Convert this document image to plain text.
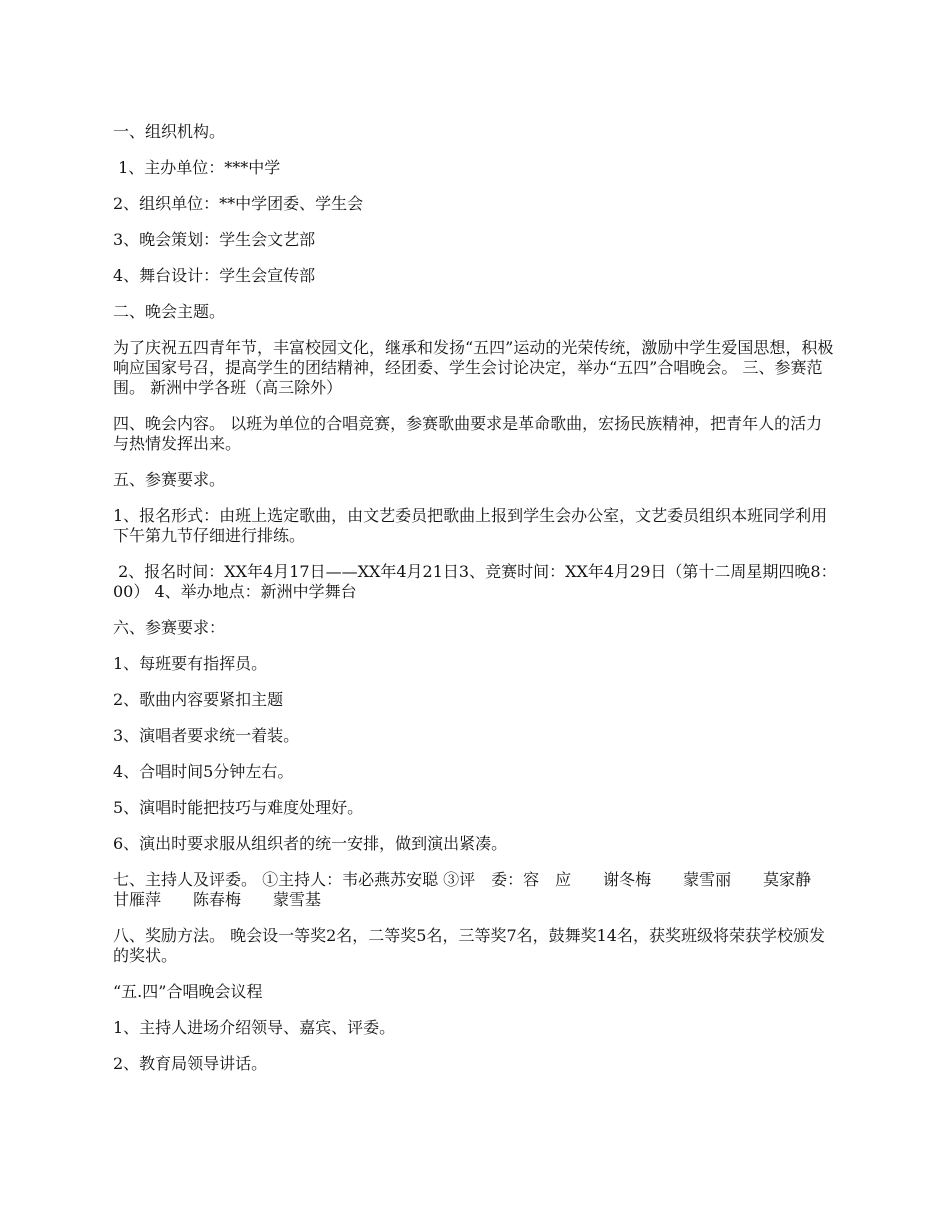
一、组织机构。

1、主办单位：***中学

2、组织单位：**中学团委、学生会

3、晚会策划：学生会文艺部

4、舞台设计：学生会宣传部

二、晚会主题。

为了庆祝五四青年节，丰富校园文化，继承和发扬“五四”运动的光荣传统，激励中学生爱国思想，积极响应国家号召，提高学生的团结精神，经团委、学生会讨论决定，举办“五四”合唱晚会。 三、参赛范围。 新洲中学各班（高三除外）

四、晚会内容。 以班为单位的合唱竞赛，参赛歌曲要求是革命歌曲，宏扬民族精神，把青年人的活力与热情发挥出来。

五、参赛要求。

1、报名形式：由班上选定歌曲，由文艺委员把歌曲上报到学生会办公室，文艺委员组织本班同学利用下午第九节仔细进行排练。

2、报名时间：XX年4月17日——XX年4月21日3、竞赛时间：XX年4月29日（第十二周星期四晚8：00） 4、举办地点：新洲中学舞台

六、参赛要求：

1、每班要有指挥员。

2、歌曲内容要紧扣主题

3、演唱者要求统一着装。

4、合唱时间5分钟左右。

5、演唱时能把技巧与难度处理好。

6、演出时要求服从组织者的统一安排，做到演出紧凑。

七、主持人及评委。 ①主持人：韦必燕苏安聪 ③评　委：容　应　　谢冬梅　　蒙雪丽　　莫家静　　甘雁萍　　陈春梅　　蒙雪基

八、奖励方法。 晚会设一等奖2名，二等奖5名，三等奖7名，鼓舞奖14名，获奖班级将荣获学校颁发的奖状。

“五.四”合唱晚会议程

1、主持人进场介绍领导、嘉宾、评委。

2、教育局领导讲话。
